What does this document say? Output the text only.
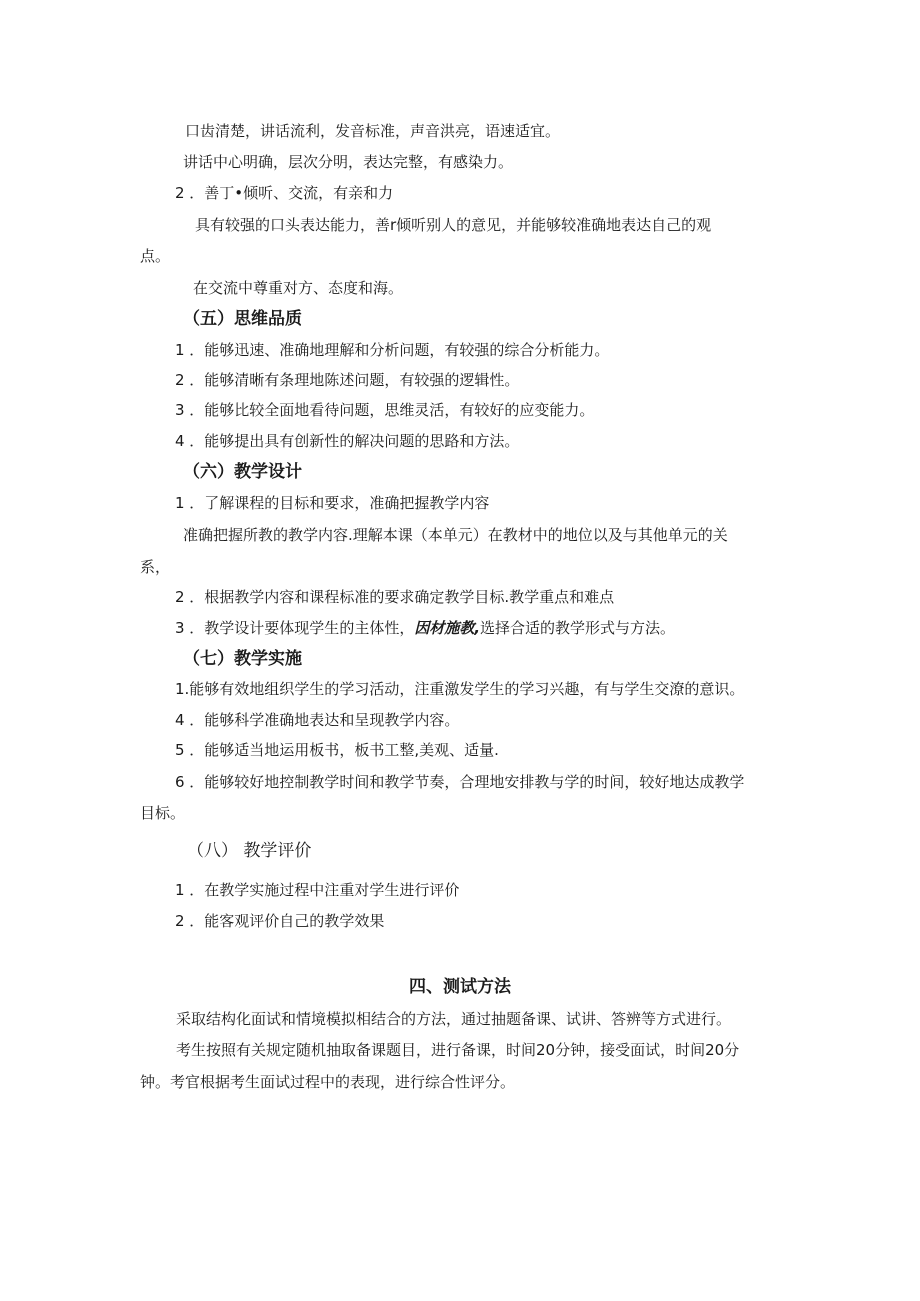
口齿清楚，讲话流利，发音标准，声音洪亮，语速适宜。
讲话中心明确，层次分明，表达完整，有感染力。
2 ．善丁•倾听、交流，有亲和力
具有较强的口头表达能力，善r倾听别人的意见，并能够较准确地表达自己的观
点。
在交流中尊重对方、态度和海。
（五）思维品质
1 ．能够迅速、准确地理解和分析问题，有较强的综合分析能力。
2 ．能够清晰有条理地陈述问题，有较强的逻辑性。
3 ．能够比较全面地看待问题，思维灵活，有较好的应变能力。
4 ．能够提出具有创新性的解决问题的思路和方法。
（六）教学设计
1 ．了解课程的目标和要求，准确把握教学内容
准确把握所教的教学内容.理解本课（本单元）在教材中的地位以及与其他单元的关
系，
2 ．根据教学内容和课程标准的要求确定教学目标.教学重点和难点
3 ．教学设计要体现学生的主体性，因材施教,选择合适的教学形式与方法。
（七）教学实施
1.能够有效地组织学生的学习活动，注重激发学生的学习兴趣，有与学生交潦的意识。
4 ．能够科学准确地表达和呈现教学内容。
5 ．能够适当地运用板书，板书工整,美观、适量.
6 ．能够较好地控制教学时间和教学节奏，合理地安排教与学的时间，较好地达成教学
目标。
（八） 教学评价
1 ．在教学实施过程中注重对学生进行评价
2 ．能客观评价自己的教学效果
四、测试方法
采取结构化面试和情境模拟相结合的方法，通过抽题备课、试讲、答辨等方式进行。
考生按照有关规定随机抽取备课题目，进行备课，时间20分钟，接受面试，时间20分
钟。考官根据考生面试过程中的表现，进行综合性评分。
